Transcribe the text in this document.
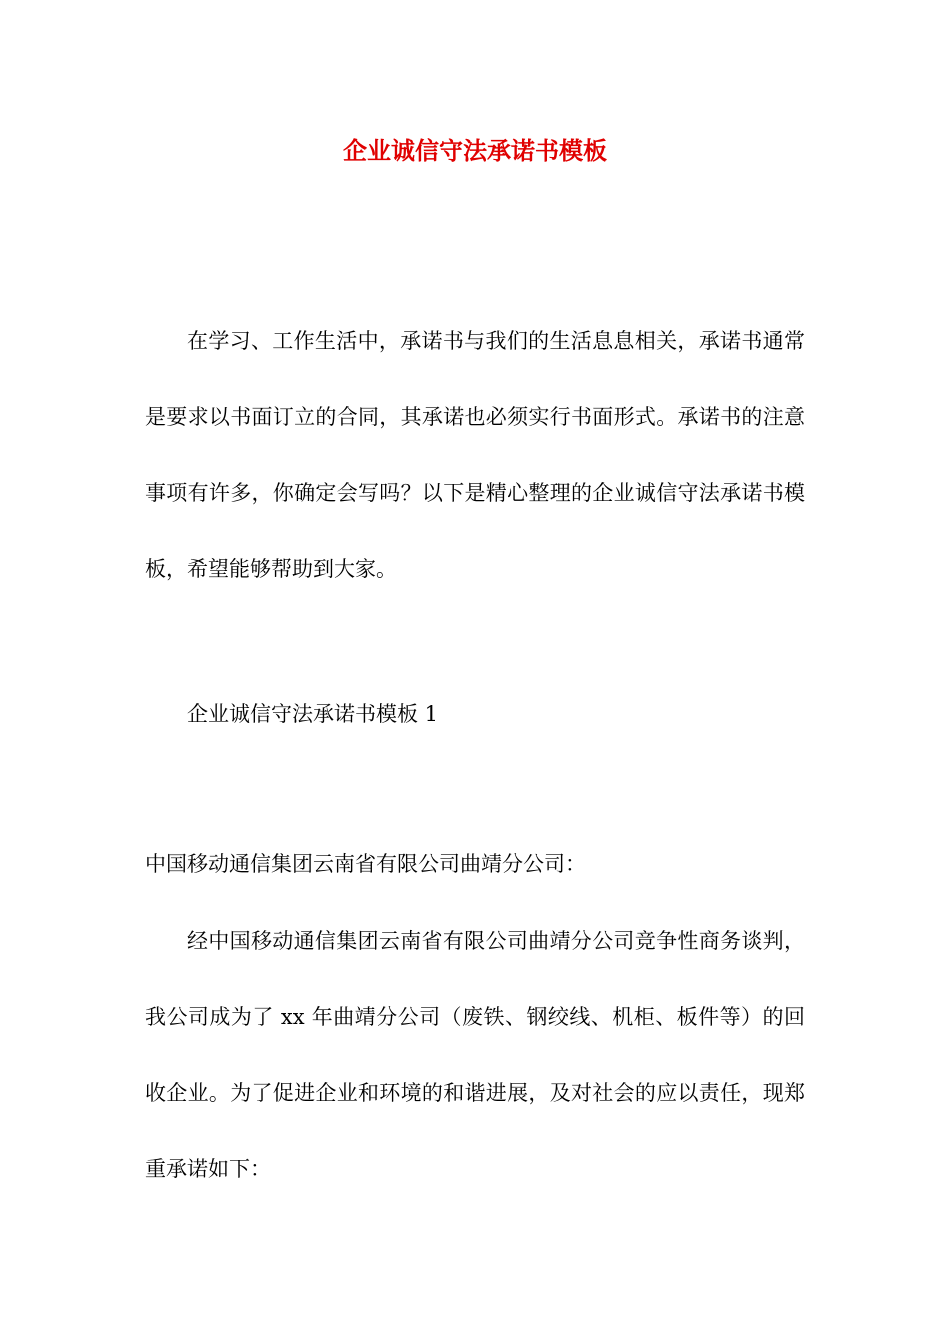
企业诚信守法承诺书模板

在学习、工作生活中，承诺书与我们的生活息息相关，承诺书通常是要求以书面订立的合同，其承诺也必须实行书面形式。承诺书的注意事项有许多，你确定会写吗？以下是精心整理的企业诚信守法承诺书模板，希望能够帮助到大家。

企业诚信守法承诺书模板 1

中国移动通信集团云南省有限公司曲靖分公司：

经中国移动通信集团云南省有限公司曲靖分公司竞争性商务谈判，我公司成为了 xx 年曲靖分公司（废铁、钢绞线、机柜、板件等）的回收企业。为了促进企业和环境的和谐进展，及对社会的应以责任，现郑重承诺如下：
